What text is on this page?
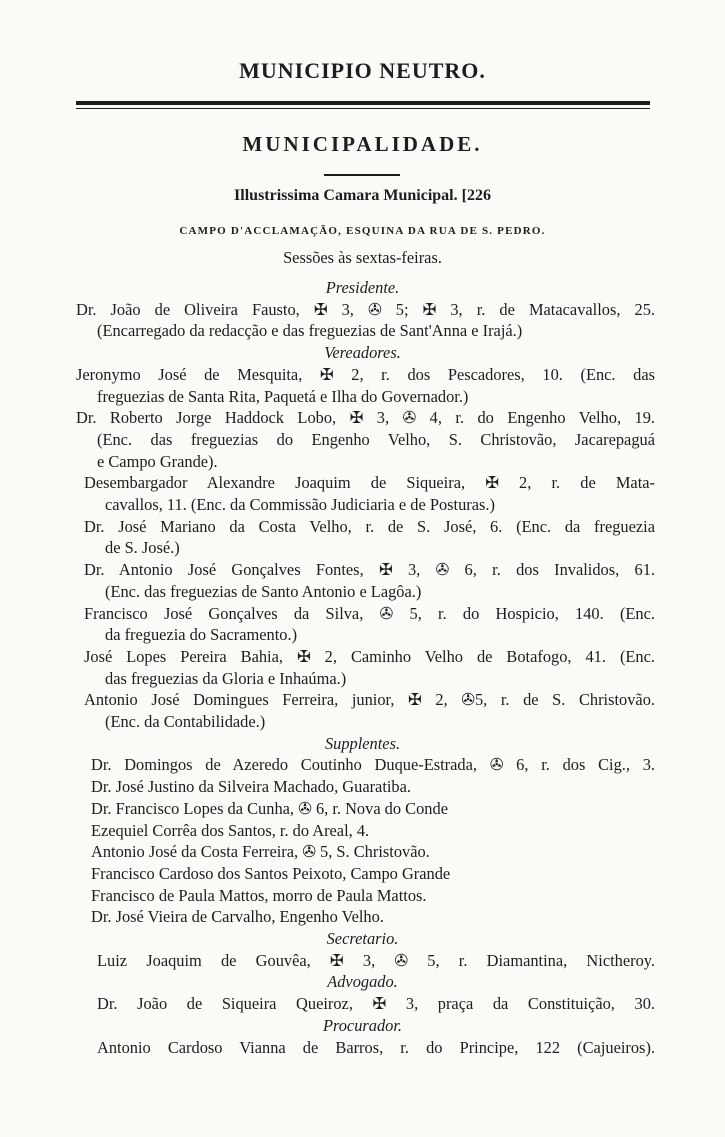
MUNICIPIO NEUTRO.
MUNICIPALIDADE.
Illustrissima Camara Municipal. [226
CAMPO D'ACCLAMAÇÃO, ESQUINA DA RUA DE S. PEDRO.
Sessões às sextas-feiras.
Presidente.
Dr. João de Oliveira Fausto, ✠ 3, ✇ 5; ✠ 3, r. de Matacavallos, 25.
(Encarregado da redacção e das freguezias de Sant'Anna e Irajá.)
Vereadores.
Jeronymo José de Mesquita, ✠ 2, r. dos Pescadores, 10. (Enc. das
freguezias de Santa Rita, Paquetá e Ilha do Governador.)
Dr. Roberto Jorge Haddock Lobo, ✠ 3, ✇ 4, r. do Engenho Velho, 19.
(Enc. das freguezias do Engenho Velho, S. Christovão, Jacarepaguá
e Campo Grande).
Desembargador Alexandre Joaquim de Siqueira, ✠ 2, r. de Mata-
cavallos, 11. (Enc. da Commissão Judiciaria e de Posturas.)
Dr. José Mariano da Costa Velho, r. de S. José, 6. (Enc. da freguezia
de S. José.)
Dr. Antonio José Gonçalves Fontes, ✠ 3, ✇ 6, r. dos Invalidos, 61.
(Enc. das freguezias de Santo Antonio e Lagôa.)
Francisco José Gonçalves da Silva, ✇ 5, r. do Hospicio, 140. (Enc.
da freguezia do Sacramento.)
José Lopes Pereira Bahia, ✠ 2, Caminho Velho de Botafogo, 41. (Enc.
das freguezias da Gloria e Inhaúma.)
Antonio José Domingues Ferreira, junior, ✠ 2, ✇5, r. de S. Christovão.
(Enc. da Contabilidade.)
Supplentes.
Dr. Domingos de Azeredo Coutinho Duque-Estrada, ✇ 6, r. dos Cig., 3.
Dr. José Justino da Silveira Machado, Guaratiba.
Dr. Francisco Lopes da Cunha, ✇ 6, r. Nova do Conde
Ezequiel Corrêa dos Santos, r. do Areal, 4.
Antonio José da Costa Ferreira, ✇ 5, S. Christovão.
Francisco Cardoso dos Santos Peixoto, Campo Grande
Francisco de Paula Mattos, morro de Paula Mattos.
Dr. José Vieira de Carvalho, Engenho Velho.
Secretario.
Luiz Joaquim de Gouvêa, ✠ 3, ✇ 5, r. Diamantina, Nictheroy.
Advogado.
Dr. João de Siqueira Queiroz, ✠ 3, praça da Constituição, 30.
Procurador.
Antonio Cardoso Vianna de Barros, r. do Principe, 122 (Cajueiros).
